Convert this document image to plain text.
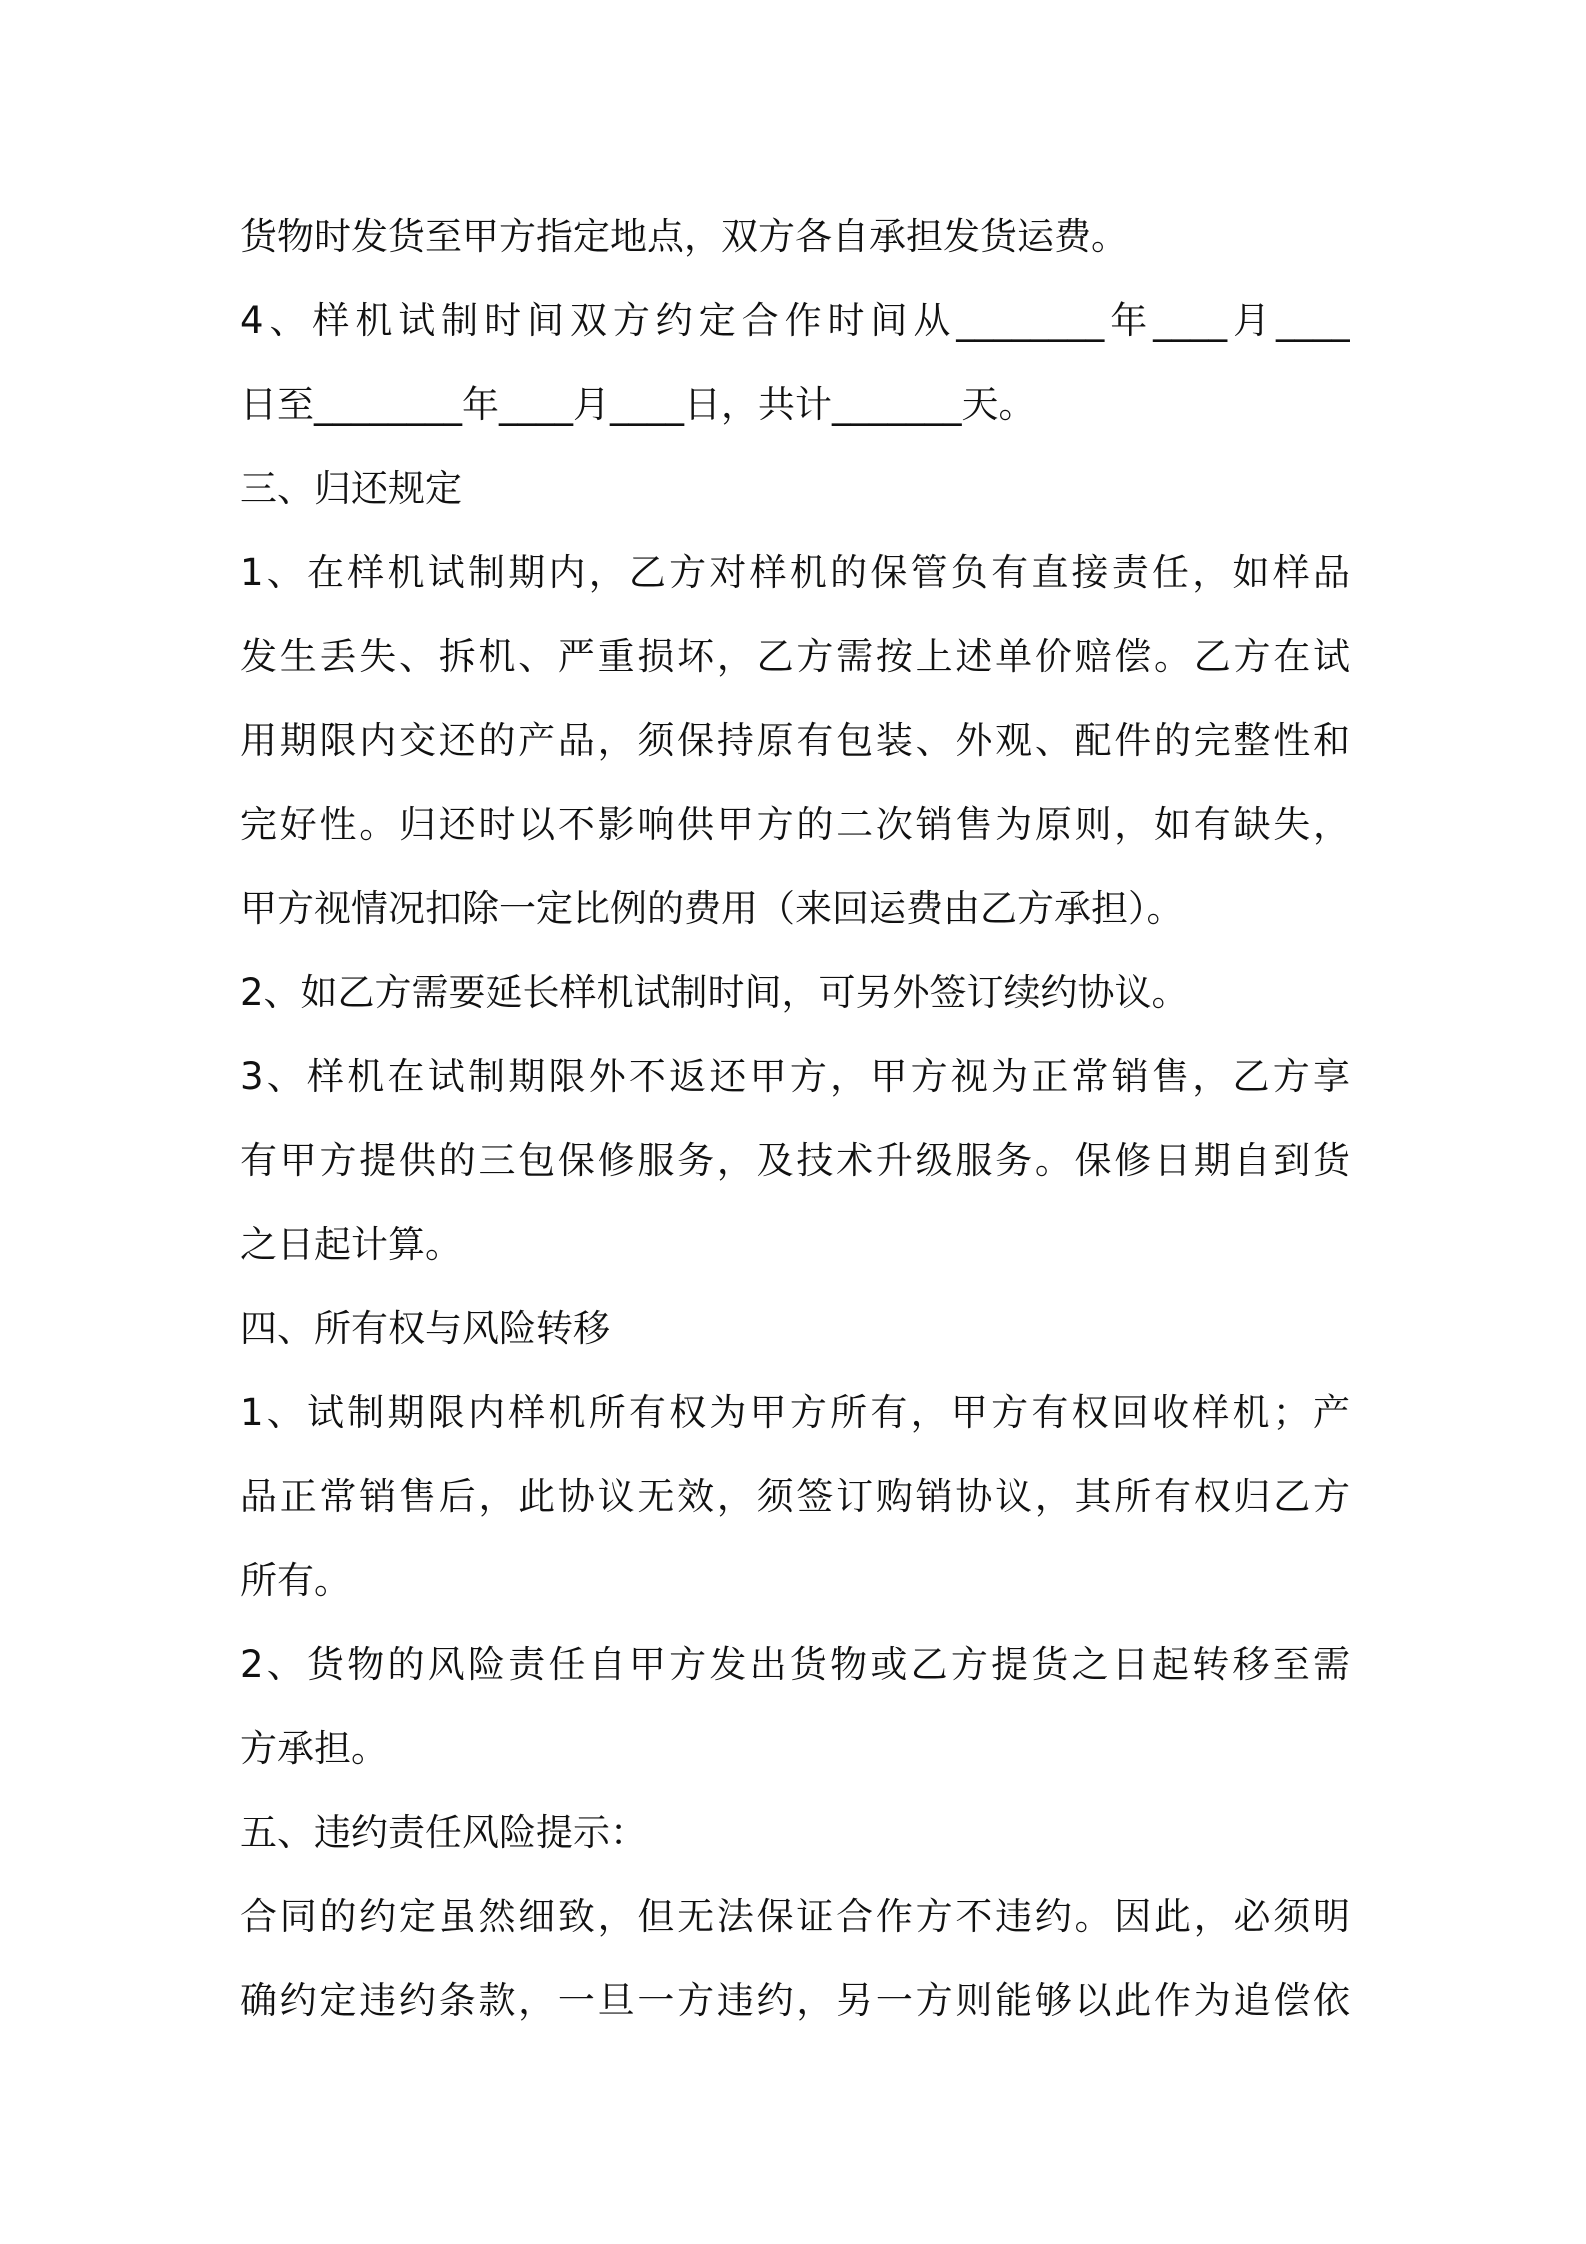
货物时发货至甲方指定地点，双方各自承担发货运费。
4、样机试制时间双方约定合作时间从________年____月____
日至________年____月____日，共计_______天。
三、归还规定
1、在样机试制期内，乙方对样机的保管负有直接责任，如样品
发生丢失、拆机、严重损坏，乙方需按上述单价赔偿。乙方在试
用期限内交还的产品，须保持原有包装、外观、配件的完整性和
完好性。归还时以不影响供甲方的二次销售为原则，如有缺失，
甲方视情况扣除一定比例的费用（来回运费由乙方承担）。
2、如乙方需要延长样机试制时间，可另外签订续约协议。
3、样机在试制期限外不返还甲方，甲方视为正常销售，乙方享
有甲方提供的三包保修服务，及技术升级服务。保修日期自到货
之日起计算。
四、所有权与风险转移
1、试制期限内样机所有权为甲方所有，甲方有权回收样机；产
品正常销售后，此协议无效，须签订购销协议，其所有权归乙方
所有。
2、货物的风险责任自甲方发出货物或乙方提货之日起转移至需
方承担。
五、违约责任风险提示：
合同的约定虽然细致，但无法保证合作方不违约。因此，必须明
确约定违约条款，一旦一方违约，另一方则能够以此作为追偿依
